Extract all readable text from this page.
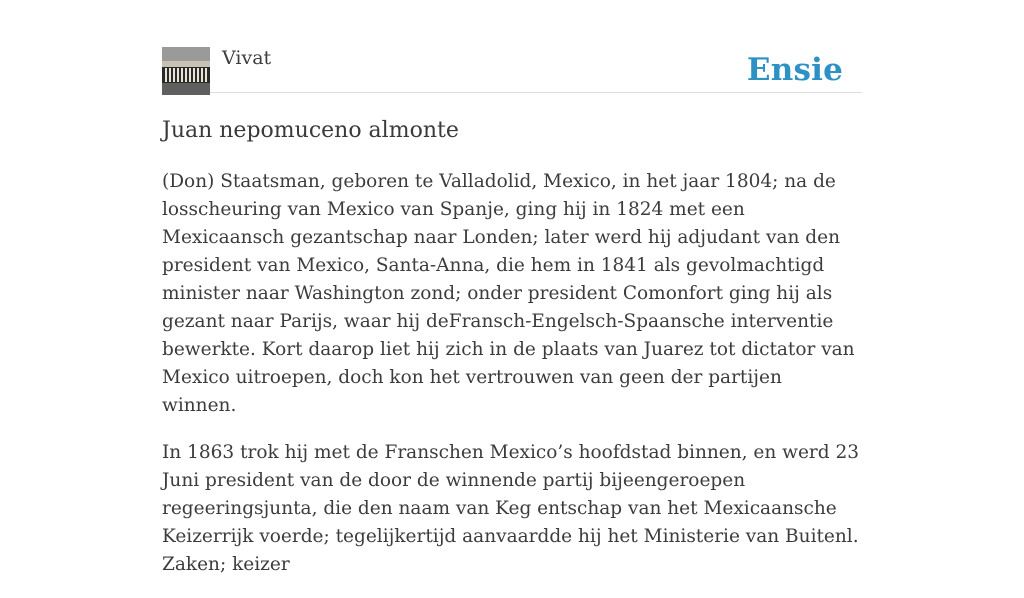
Vivat	Ensie
Juan nepomuceno almonte

(Don) Staatsman, geboren te Valladolid, Mexico, in het jaar 1804; na de losscheuring van Mexico van Spanje, ging hij in 1824 met een Mexicaansch gezantschap naar Londen; later werd hij adjudant van den president van Mexico, Santa-Anna, die hem in 1841 als gevolmachtigd minister naar Washington zond; onder president Comonfort ging hij als gezant naar Parijs, waar hij deFransch-Engelsch-Spaansche interventie bewerkte. Kort daarop liet hij zich in de plaats van Juarez tot dictator van Mexico uitroepen, doch kon het vertrouwen van geen der partijen winnen.

In 1863 trok hij met de Franschen Mexico’s hoofdstad binnen, en werd 23 Juni president van de door de winnende partij bijeengeroepen regeeringsjunta, die den naam van Keg entschap van het Mexicaansche Keizerrijk voerde; tegelijkertijd aanvaardde hij het Ministerie van Buitenl. Zaken; keizer
